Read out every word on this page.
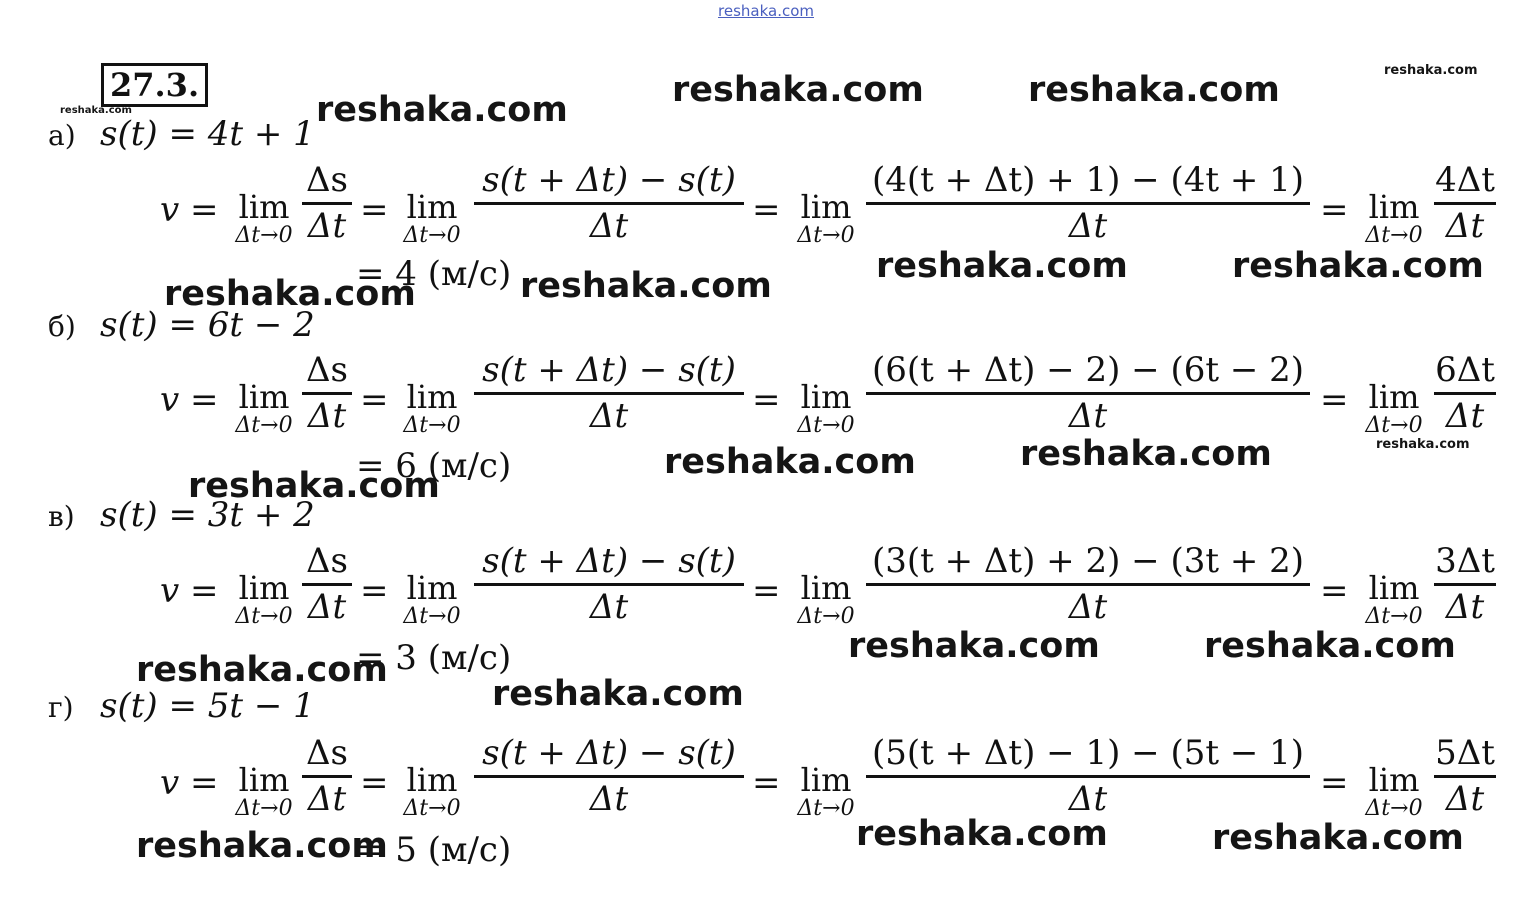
reshaka.com
27.3.
а) s(t) = 4t + 1
v = lim
Δt→0
Δs
Δt = lim
Δt→0
s(t + Δt) − s(t)
Δt	= lim
Δt→0
(4(t + Δt) + 1) − (4t + 1)
Δt	= lim
Δt→0
4Δt
Δt
= 4 (м/с)
б) s(t) = 6t − 2
v = lim
Δt→0
Δs
Δt = lim
Δt→0
s(t + Δt) − s(t)
Δt	= lim
Δt→0
(6(t + Δt) − 2) − (6t − 2)
Δt	= lim
Δt→0
6Δt
Δt
= 6 (м/с)
в) s(t) = 3t + 2
v = lim
Δt→0
Δs
Δt = lim
Δt→0
s(t + Δt) − s(t)
Δt	= lim
Δt→0
(3(t + Δt) + 2) − (3t + 2)
Δt	= lim
Δt→0
3Δt
Δt
= 3 (м/с)
г) s(t) = 5t − 1
v = lim
Δt→0
Δs
Δt = lim
Δt→0
s(t + Δt) − s(t)
Δt	= lim
Δt→0
(5(t + Δt) − 1) − (5t − 1)
Δt	= lim
Δt→0
5Δt
Δt
= 5 (м/с)
reshaka.com	reshaka.com	reshaka.com	reshaka.com	reshaka.com
reshaka.com	reshaka.com
reshaka.com
reshaka.com
reshaka.com
reshaka.com
reshaka.com
reshaka.com
reshaka.com	reshaka.com
reshaka.com
reshaka.com
reshaka.com	reshaka.com
reshaka.com
